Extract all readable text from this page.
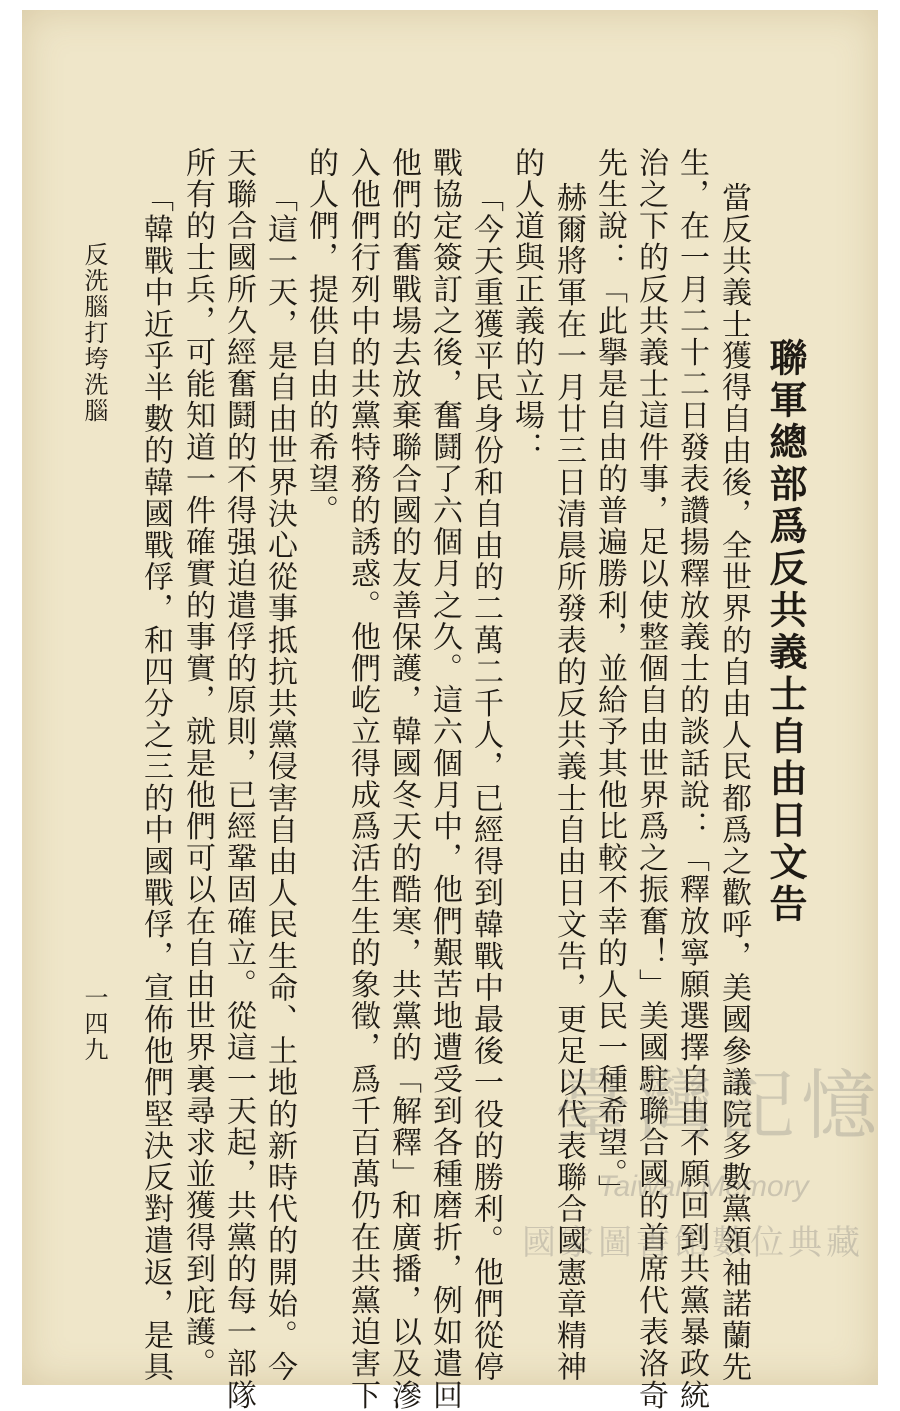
聯軍總部爲反共義士自由日文告
當反共義士獲得自由後，全世界的自由人民都爲之歡呼，美國參議院多數黨領袖諾蘭先
生，在一月二十二日發表讚揚釋放義士的談話說：「釋放寧願選擇自由不願回到共黨暴政統
治之下的反共義士這件事，足以使整個自由世界爲之振奮！」美國駐聯合國的首席代表洛奇
先生說：「此擧是自由的普遍勝利，並給予其他比較不幸的人民一種希望。」
赫爾將軍在一月廿三日清晨所發表的反共義士自由日文告，更足以代表聯合國憲章精神
的人道與正義的立場：
「今天重獲平民身份和自由的二萬二千人，已經得到韓戰中最後一役的勝利。他們從停
戰協定簽訂之後，奮鬪了六個月之久。這六個月中，他們艱苦地遭受到各種磨折，例如遣回
他們的奮戰場去放棄聯合國的友善保護，韓國冬天的酷寒，共黨的「解釋」和廣播，以及滲
入他們行列中的共黨特務的誘惑。他們屹立得成爲活生生的象徵，爲千百萬仍在共黨迫害下
的人們，提供自由的希望。
「這一天，是自由世界決心從事抵抗共黨侵害自由人民生命、土地的新時代的開始。今
天聯合國所久經奮鬪的不得强迫遣俘的原則，已經鞏固確立。從這一天起，共黨的每一部隊
所有的士兵，可能知道一件確實的事實，就是他們可以在自由世界裏尋求並獲得到庇護。
「韓戰中近乎半數的韓國戰俘，和四分之三的中國戰俘，宣佈他們堅決反對遣返，是具
反洗腦打垮洗腦
一四九
臺灣記憶
Taiwan Memory
國家圖書館數位典藏
